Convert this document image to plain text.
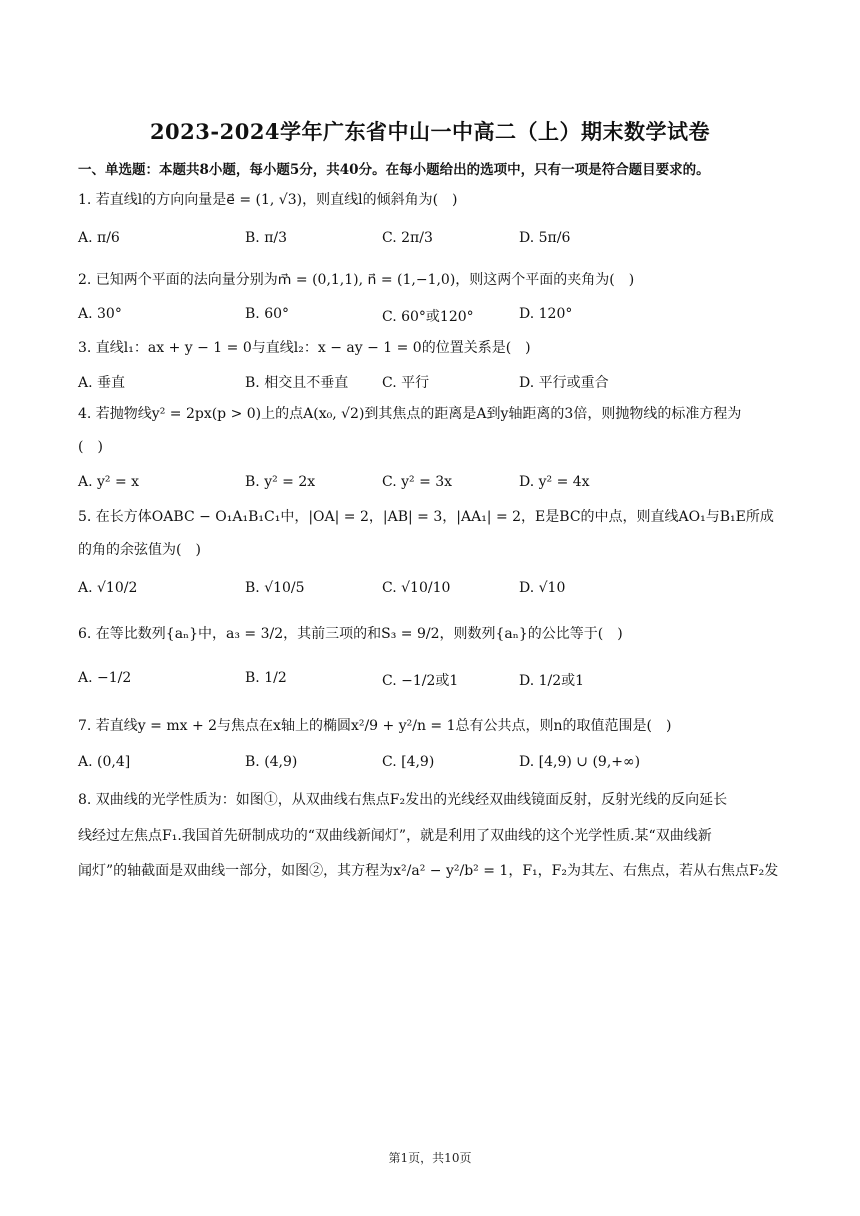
2023-2024学年广东省中山一中高二（上）期末数学试卷
一、单选题：本题共8小题，每小题5分，共40分。在每小题给出的选项中，只有一项是符合题目要求的。
1. 若直线l的方向向量是e⃗ = (1, √3)，则直线l的倾斜角为(　)
A. π/6	B. π/3	C. 2π/3	D. 5π/6
2. 已知两个平面的法向量分别为m⃗ = (0,1,1), n⃗ = (1,−1,0)，则这两个平面的夹角为(　)
A. 30°	B. 60°	C. 60°或120°	D. 120°
3. 直线l₁：ax + y − 1 = 0与直线l₂：x − ay − 1 = 0的位置关系是(　)
A. 垂直	B. 相交且不垂直 C. 平行	D. 平行或重合
4. 若抛物线y² = 2px(p > 0)上的点A(x₀, √2)到其焦点的距离是A到y轴距离的3倍，则抛物线的标准方程为
(　)
A. y² = x	B. y² = 2x	C. y² = 3x	D. y² = 4x
5. 在长方体OABC − O₁A₁B₁C₁中，|OA| = 2，|AB| = 3，|AA₁| = 2，E是BC的中点，则直线AO₁与B₁E所成
的角的余弦值为(　)
A. √10/2	B. √10/5	C. √10/10	D. √10
6. 在等比数列{aₙ}中，a₃ = 3/2，其前三项的和S₃ = 9/2，则数列{aₙ}的公比等于(　)
A. −1/2	B. 1/2	C. −1/2或1	D. 1/2或1
7. 若直线y = mx + 2与焦点在x轴上的椭圆x²/9 + y²/n = 1总有公共点，则n的取值范围是(　)
A. (0,4]	B. (4,9)	C. [4,9)	D. [4,9) ∪ (9,+∞)
8. 双曲线的光学性质为：如图①，从双曲线右焦点F₂发出的光线经双曲线镜面反射，反射光线的反向延长
线经过左焦点F₁.我国首先研制成功的“双曲线新闻灯”，就是利用了双曲线的这个光学性质.某“双曲线新
闻灯”的轴截面是双曲线一部分，如图②，其方程为x²/a² − y²/b² = 1，F₁，F₂为其左、右焦点，若从右焦点F₂发
第1页，共10页
